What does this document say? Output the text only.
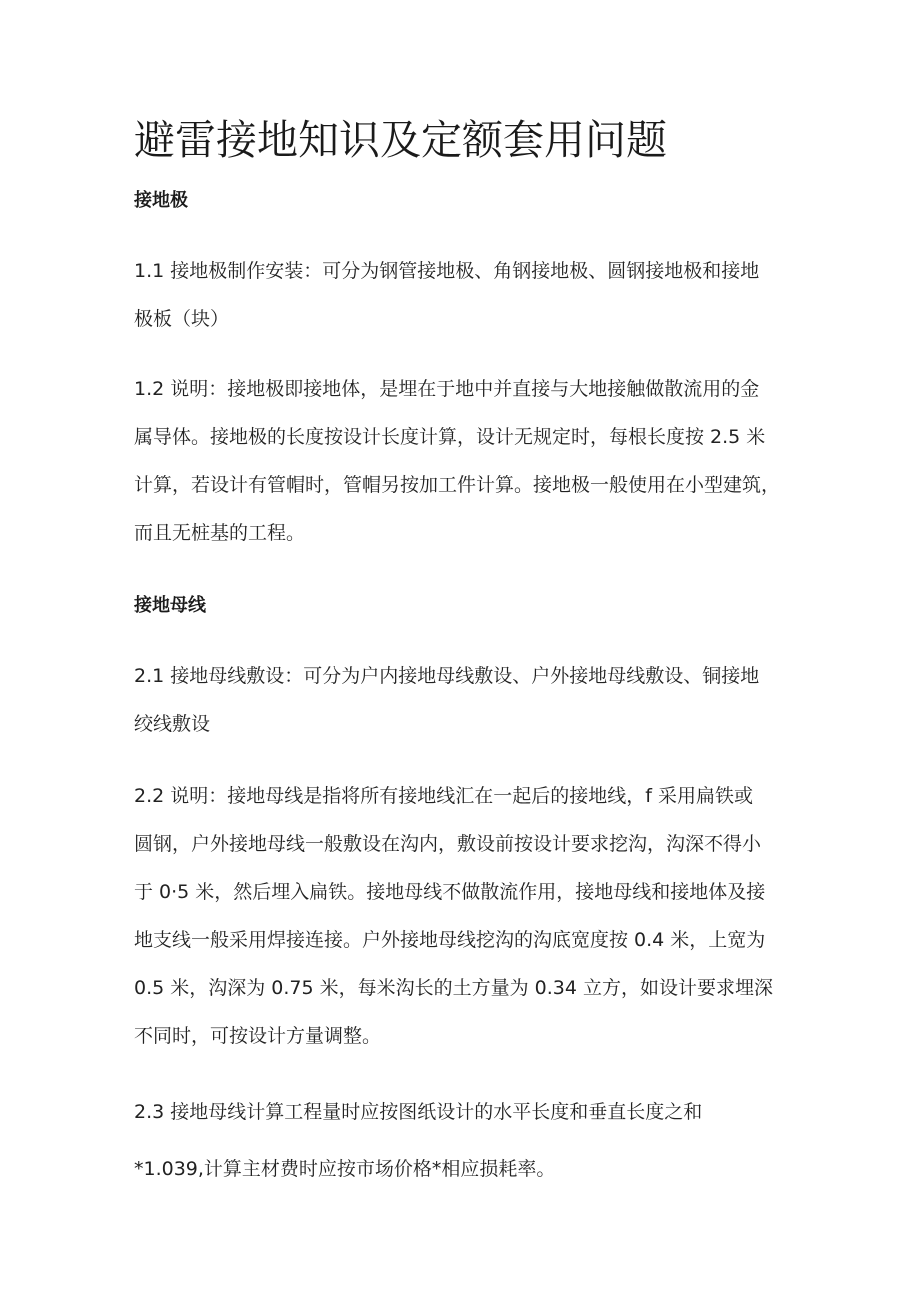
避雷接地知识及定额套用问题
接地极

1.1 接地极制作安装：可分为钢管接地极、角钢接地极、圆钢接地极和接地
极板（块）

1.2 说明：接地极即接地体，是埋在于地中并直接与大地接触做散流用的金
属导体。接地极的长度按设计长度计算，设计无规定时，每根长度按 2.5 米
计算，若设计有管帽时，管帽另按加工件计算。接地极一般使用在小型建筑，
而且无桩基的工程。

接地母线

2.1 接地母线敷设：可分为户内接地母线敷设、户外接地母线敷设、铜接地
绞线敷设

2.2 说明：接地母线是指将所有接地线汇在一起后的接地线，f 采用扁铁或
圆钢，户外接地母线一般敷设在沟内，敷设前按设计要求挖沟，沟深不得小
于 0·5 米，然后埋入扁铁。接地母线不做散流作用，接地母线和接地体及接
地支线一般采用焊接连接。户外接地母线挖沟的沟底宽度按 0.4 米，上宽为
0.5 米，沟深为 0.75 米，每米沟长的土方量为 0.34 立方，如设计要求埋深
不同时，可按设计方量调整。

2.3 接地母线计算工程量时应按图纸设计的水平长度和垂直长度之和

*1.039,计算主材费时应按市场价格*相应损耗率。
